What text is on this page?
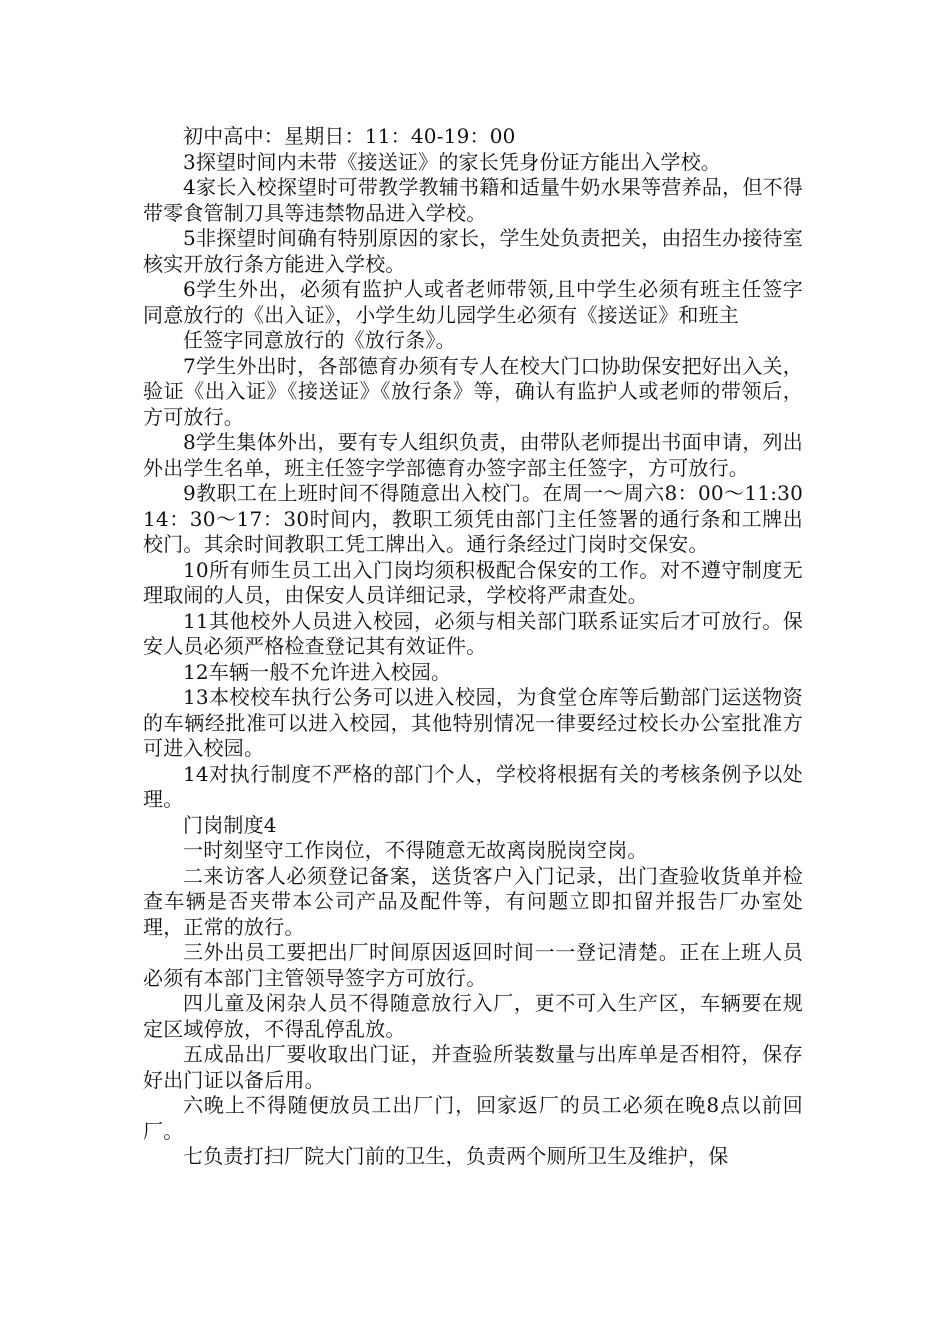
初中高中：星期日：11：40-19：00

3探望时间内未带《接送证》的家长凭身份证方能出入学校。

4家长入校探望时可带教学教辅书籍和适量牛奶水果等营养品，但不得带零食管制刀具等违禁物品进入学校。

5非探望时间确有特别原因的家长，学生处负责把关，由招生办接待室核实开放行条方能进入学校。

6学生外出，必须有监护人或者老师带领,且中学生必须有班主任签字同意放行的《出入证》，小学生幼儿园学生必须有《接送证》和班主

任签字同意放行的《放行条》。

7学生外出时，各部德育办须有专人在校大门口协助保安把好出入关，验证《出入证》《接送证》《放行条》等，确认有监护人或老师的带领后，方可放行。

8学生集体外出，要有专人组织负责，由带队老师提出书面申请，列出外出学生名单，班主任签字学部德育办签字部主任签字，方可放行。

9教职工在上班时间不得随意出入校门。在周一～周六8：00～11:3014：30～17：30时间内，教职工须凭由部门主任签署的通行条和工牌出校门。其余时间教职工凭工牌出入。通行条经过门岗时交保安。

10所有师生员工出入门岗均须积极配合保安的工作。对不遵守制度无理取闹的人员，由保安人员详细记录，学校将严肃查处。

11其他校外人员进入校园，必须与相关部门联系证实后才可放行。保安人员必须严格检查登记其有效证件。

12车辆一般不允许进入校园。

13本校校车执行公务可以进入校园，为食堂仓库等后勤部门运送物资的车辆经批准可以进入校园，其他特别情况一律要经过校长办公室批准方可进入校园。

14对执行制度不严格的部门个人，学校将根据有关的考核条例予以处理。

门岗制度4

一时刻坚守工作岗位，不得随意无故离岗脱岗空岗。

二来访客人必须登记备案，送货客户入门记录，出门查验收货单并检查车辆是否夹带本公司产品及配件等，有问题立即扣留并报告厂办室处理，正常的放行。

三外出员工要把出厂时间原因返回时间一一登记清楚。正在上班人员必须有本部门主管领导签字方可放行。

四儿童及闲杂人员不得随意放行入厂，更不可入生产区，车辆要在规定区域停放，不得乱停乱放。

五成品出厂要收取出门证，并查验所装数量与出库单是否相符，保存好出门证以备后用。

六晚上不得随便放员工出厂门，回家返厂的员工必须在晚8点以前回厂。

七负责打扫厂院大门前的卫生，负责两个厕所卫生及维护，保
